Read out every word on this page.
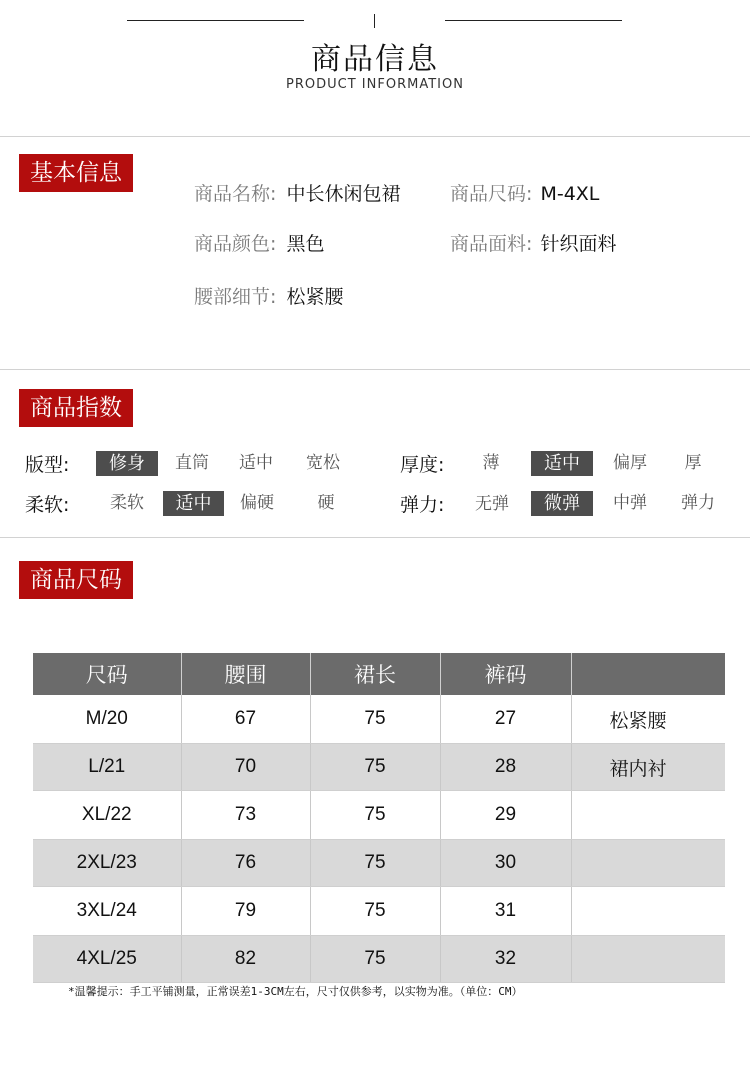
商品信息
PRODUCT INFORMATION
基本信息
商品名称: 中长休闲包裙	商品尺码: M-4XL
商品颜色: 黑色	商品面料: 针织面料
腰部细节: 松紧腰
商品指数
版型:	修身	直筒	适中	宽松	厚度:	薄	适中	偏厚	厚
柔软:	柔软	适中	偏硬	硬	弹力:	无弹	微弹	中弹	弹力
商品尺码
尺码	腰围	裙长	裤码	
M/20	67	75	27	松紧腰
L/21	70	75	28	裙内衬
XL/22	73	75	29	
2XL/23	76	75	30	
3XL/24	79	75	31	
4XL/25	82	75	32	
*温馨提示：手工平铺测量，正常误差1-3CM左右，尺寸仅供参考，以实物为准。（单位：CM）
